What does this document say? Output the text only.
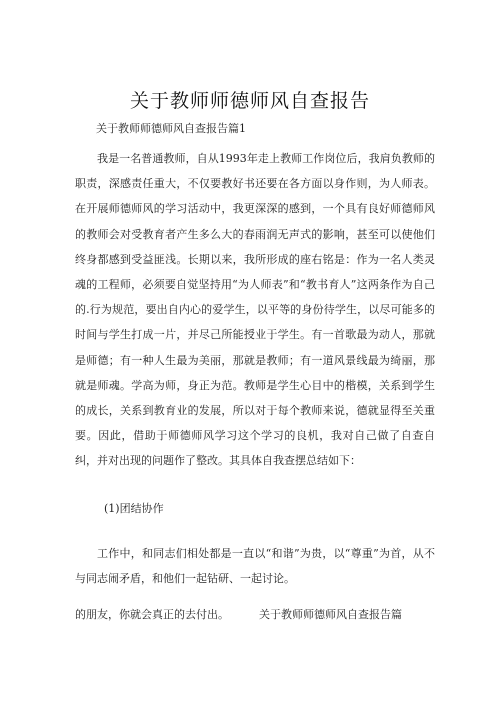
关于教师师德师风自查报告
关于教师师德师风自查报告篇1

我是一名普通教师，自从1993年走上教师工作岗位后，我肩负教师的职责，深感责任重大，不仅要教好书还要在各方面以身作则，为人师表。在开展师德师风的学习活动中，我更深深的感到，一个具有良好师德师风的教师会对受教育者产生多么大的春雨润无声式的影响，甚至可以使他们终身都感到受益匪浅。长期以来，我所形成的座右铭是：作为一名人类灵魂的工程师，必须要自觉坚持用“为人师表”和“教书育人”这两条作为自己的.行为规范，要出自内心的爱学生，以平等的身份待学生，以尽可能多的时间与学生打成一片，并尽己所能授业于学生。有一首歌最为动人，那就是师德；有一种人生最为美丽，那就是教师；有一道风景线最为绮丽，那就是师魂。学高为师，身正为范。教师是学生心目中的楷模，关系到学生的成长，关系到教育业的发展，所以对于每个教师来说，德就显得至关重要。因此，借助于师德师风学习这个学习的良机，我对自己做了自查自纠，并对出现的问题作了整改。其具体自我查摆总结如下：

(1)团结协作

工作中，和同志们相处都是一直以“和谐”为贵，以“尊重”为首，从不与同志闹矛盾，和他们一起钻研、一起讨论。

的朋友，你就会真正的去付出。	关于教师师德师风自查报告篇
